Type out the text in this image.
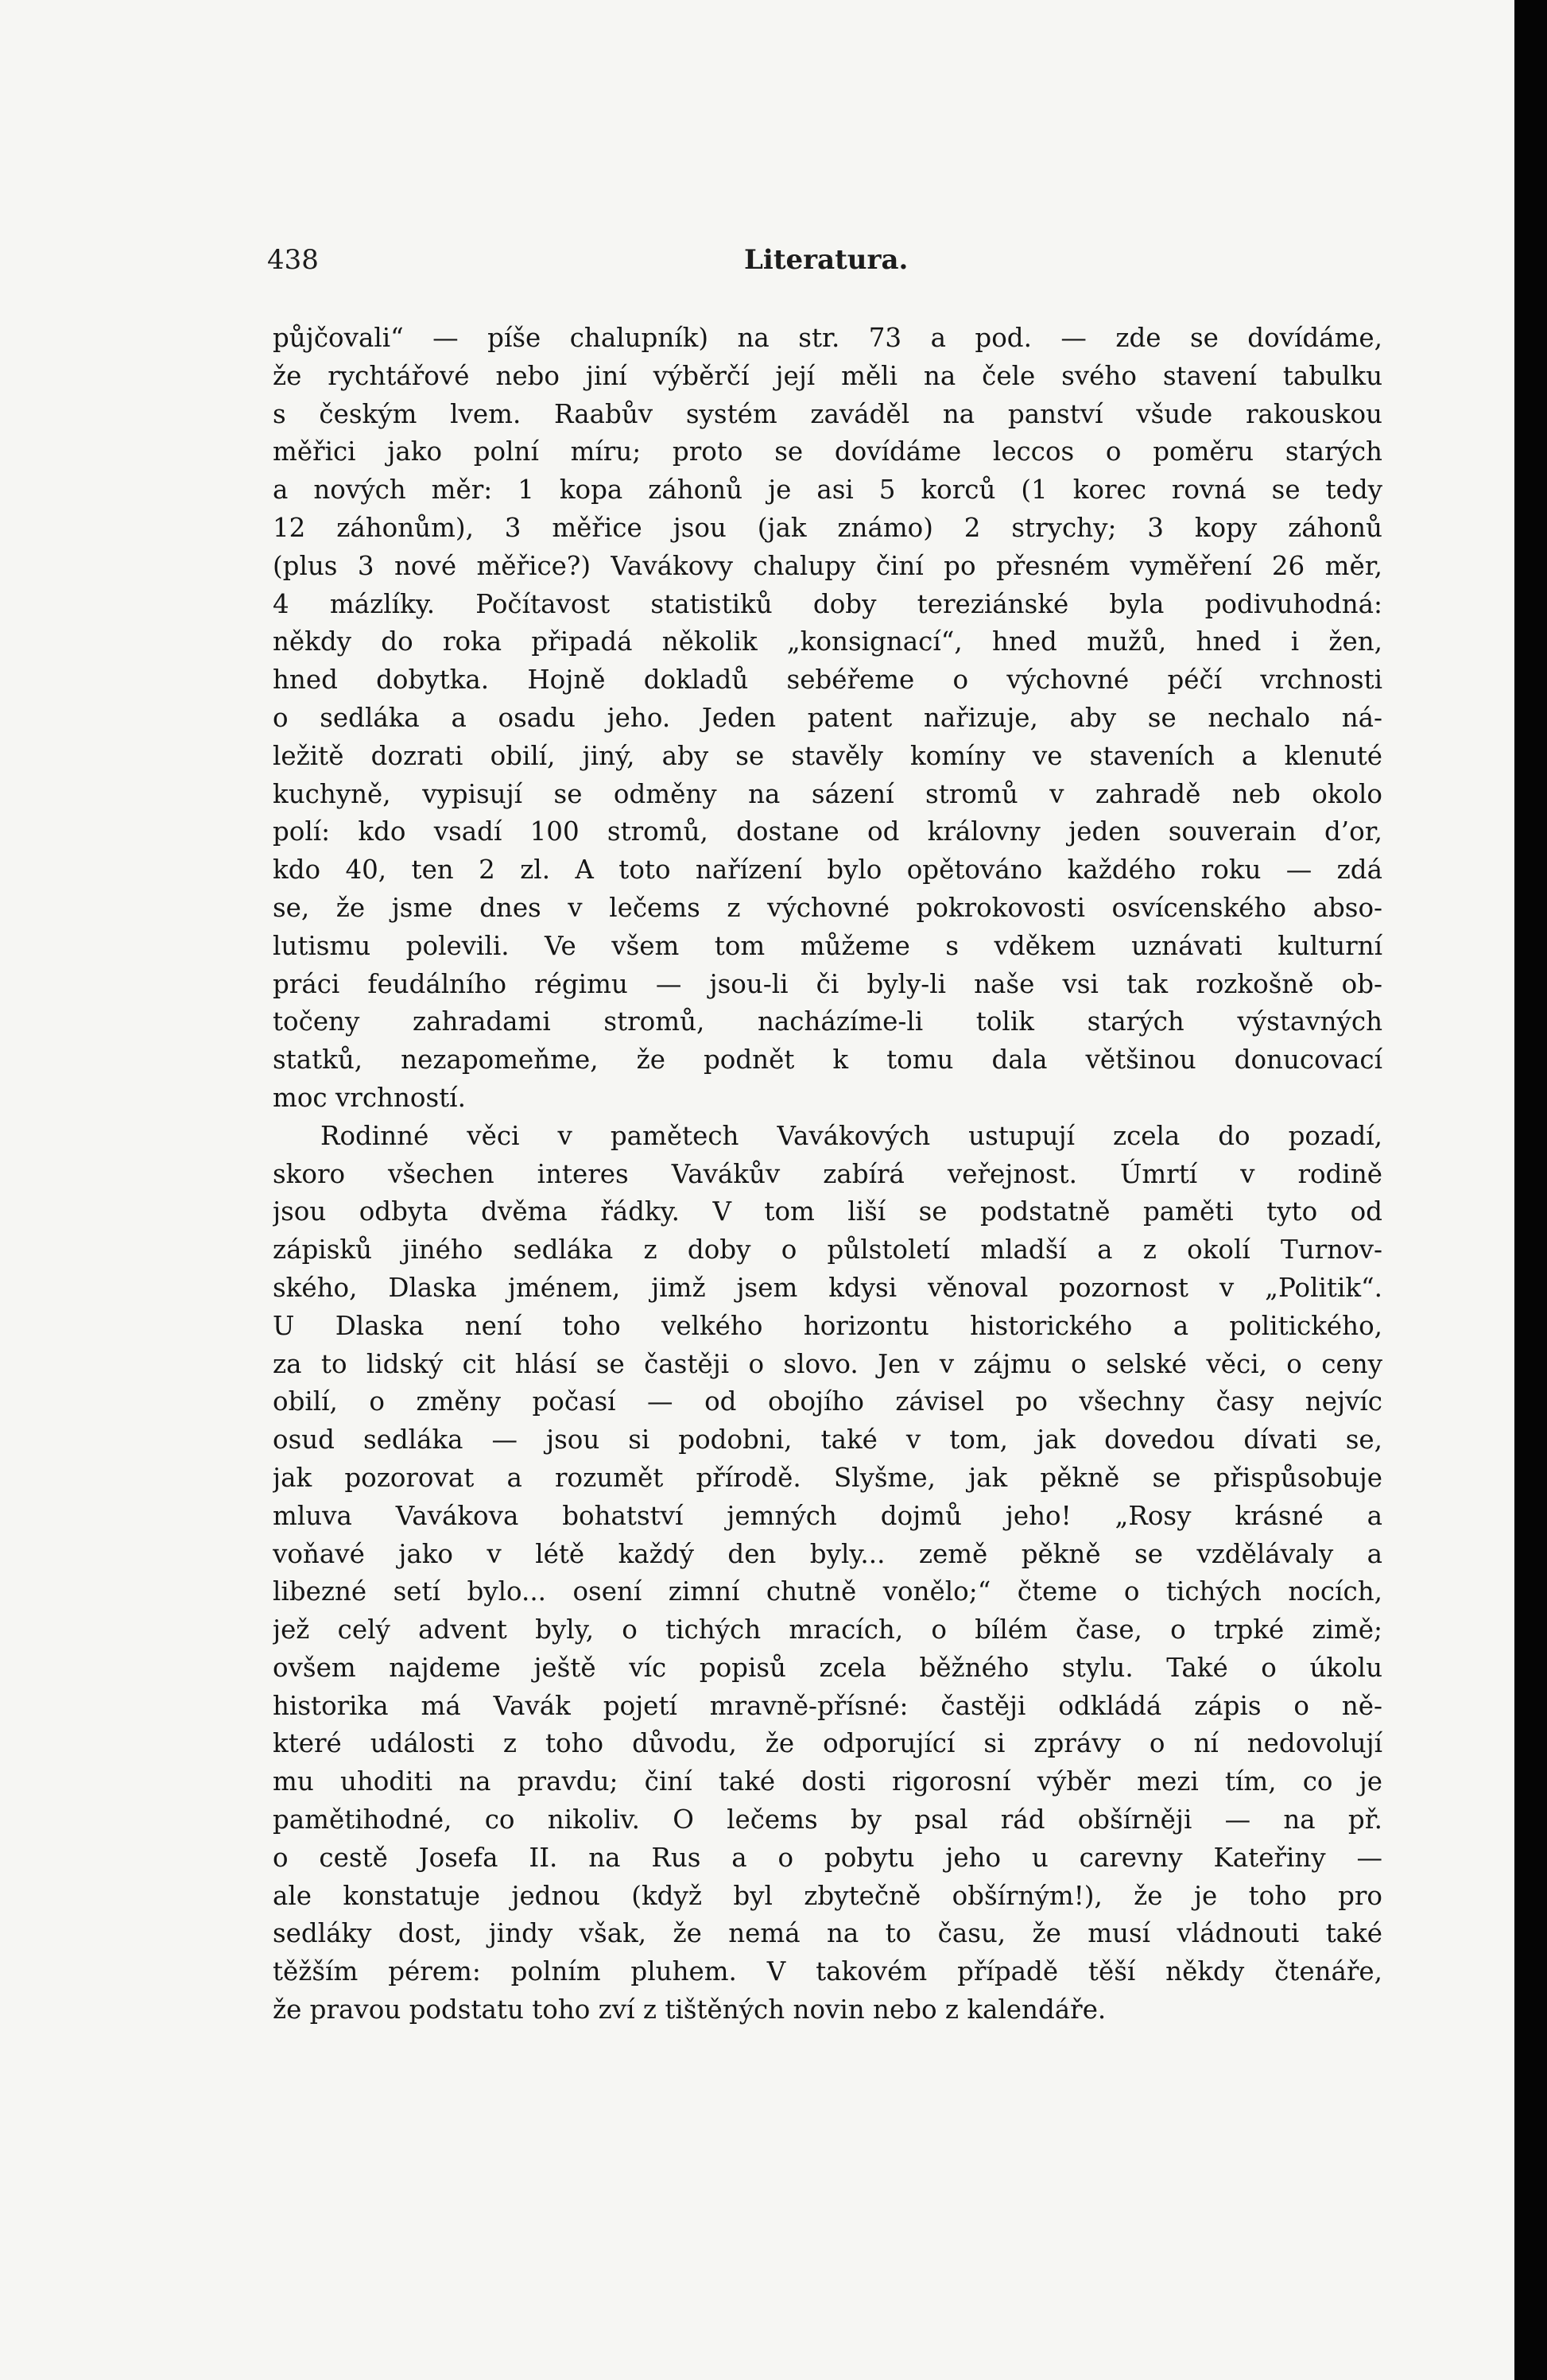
438	Literatura.
půjčovali“ — píše chalupník) na str. 73 a pod. — zde se dovídáme,
že rychtářové nebo jiní výběrčí její měli na čele svého stavení tabulku
s českým lvem. Raabův systém zaváděl na panství všude rakouskou
měřici jako polní míru; proto se dovídáme leccos o poměru starých
a nových měr: 1 kopa záhonů je asi 5 korců (1 korec rovná se tedy
12 záhonům), 3 měřice jsou (jak známo) 2 strychy; 3 kopy záhonů
(plus 3 nové měřice?) Vavákovy chalupy činí po přesném vyměření 26 měr,
4 mázlíky. Počítavost statistiků doby tereziánské byla podivuhodná:
někdy do roka připadá několik „konsignací“, hned mužů, hned i žen,
hned dobytka. Hojně dokladů sebéřeme o výchovné péčí vrchnosti
o sedláka a osadu jeho. Jeden patent nařizuje, aby se nechalo ná-
ležitě dozrati obilí, jiný, aby se stavěly komíny ve staveních a klenuté
kuchyně, vypisují se odměny na sázení stromů v zahradě neb okolo
polí: kdo vsadí 100 stromů, dostane od královny jeden souverain d’or,
kdo 40, ten 2 zl. A toto nařízení bylo opětováno každého roku — zdá
se, že jsme dnes v lečems z výchovné pokrokovosti osvícenského abso-
lutismu polevili. Ve všem tom můžeme s vděkem uznávati kulturní
práci feudálního régimu — jsou-li či byly-li naše vsi tak rozkošně ob-
točeny zahradami stromů, nacházíme-li tolik starých výstavných
statků, nezapomeňme, že podnět k tomu dala většinou donucovací
moc vrchností.
Rodinné věci v pamětech Vavákových ustupují zcela do pozadí,
skoro všechen interes Vavákův zabírá veřejnost. Úmrtí v rodině
jsou odbyta dvěma řádky. V tom liší se podstatně paměti tyto od
zápisků jiného sedláka z doby o půlstoletí mladší a z okolí Turnov-
ského, Dlaska jménem, jimž jsem kdysi věnoval pozornost v „Politik“.
U Dlaska není toho velkého horizontu historického a politického,
za to lidský cit hlásí se častěji o slovo. Jen v zájmu o selské věci, o ceny
obilí, o změny počasí — od obojího závisel po všechny časy nejvíc
osud sedláka — jsou si podobni, také v tom, jak dovedou dívati se,
jak pozorovat a rozumět přírodě. Slyšme, jak pěkně se přispůsobuje
mluva Vavákova bohatství jemných dojmů jeho! „Rosy krásné a
voňavé jako v létě každý den byly... země pěkně se vzdělávaly a
libezné setí bylo... osení zimní chutně vonělo;“ čteme o tichých nocích,
jež celý advent byly, o tichých mracích, o bílém čase, o trpké zimě;
ovšem najdeme ještě víc popisů zcela běžného stylu. Také o úkolu
historika má Vavák pojetí mravně-přísné: častěji odkládá zápis o ně-
které události z toho důvodu, že odporující si zprávy o ní nedovolují
mu uhoditi na pravdu; činí také dosti rigorosní výběr mezi tím, co je
pamětihodné, co nikoliv. O lečems by psal rád obšírněji — na př.
o cestě Josefa II. na Rus a o pobytu jeho u carevny Kateřiny —
ale konstatuje jednou (když byl zbytečně obšírným!), že je toho pro
sedláky dost, jindy však, že nemá na to času, že musí vládnouti také
těžším pérem: polním pluhem. V takovém případě těší někdy čtenáře,
že pravou podstatu toho zví z tištěných novin nebo z kalendáře.
